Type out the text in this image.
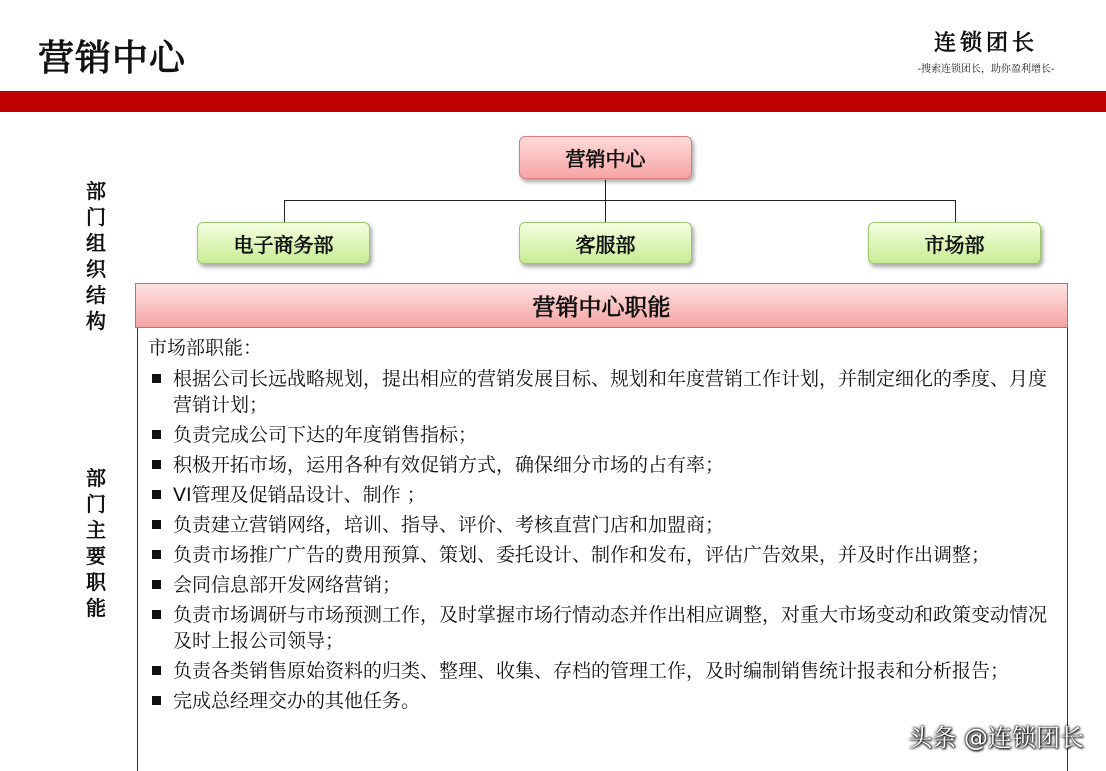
营销中心	连锁团长
-搜索连锁团长，助你盈利增长-
部门组织结构
部门主要职能
营销中心
电子商务部	客服部	市场部
营销中心职能
市场部职能：
根据公司长远战略规划，提出相应的营销发展目标、规划和年度营销工作计划，并制定细化的季度、月度营销计划；
负责完成公司下达的年度销售指标；
积极开拓市场，运用各种有效促销方式，确保细分市场的占有率；
VI管理及促销品设计、制作 ；
负责建立营销网络，培训、指导、评价、考核直营门店和加盟商；
负责市场推广广告的费用预算、策划、委托设计、制作和发布，评估广告效果，并及时作出调整；
会同信息部开发网络营销；
负责市场调研与市场预测工作，及时掌握市场行情动态并作出相应调整，对重大市场变动和政策变动情况及时上报公司领导；
负责各类销售原始资料的归类、整理、收集、存档的管理工作，及时编制销售统计报表和分析报告；
完成总经理交办的其他任务。
头条 @连锁团长
